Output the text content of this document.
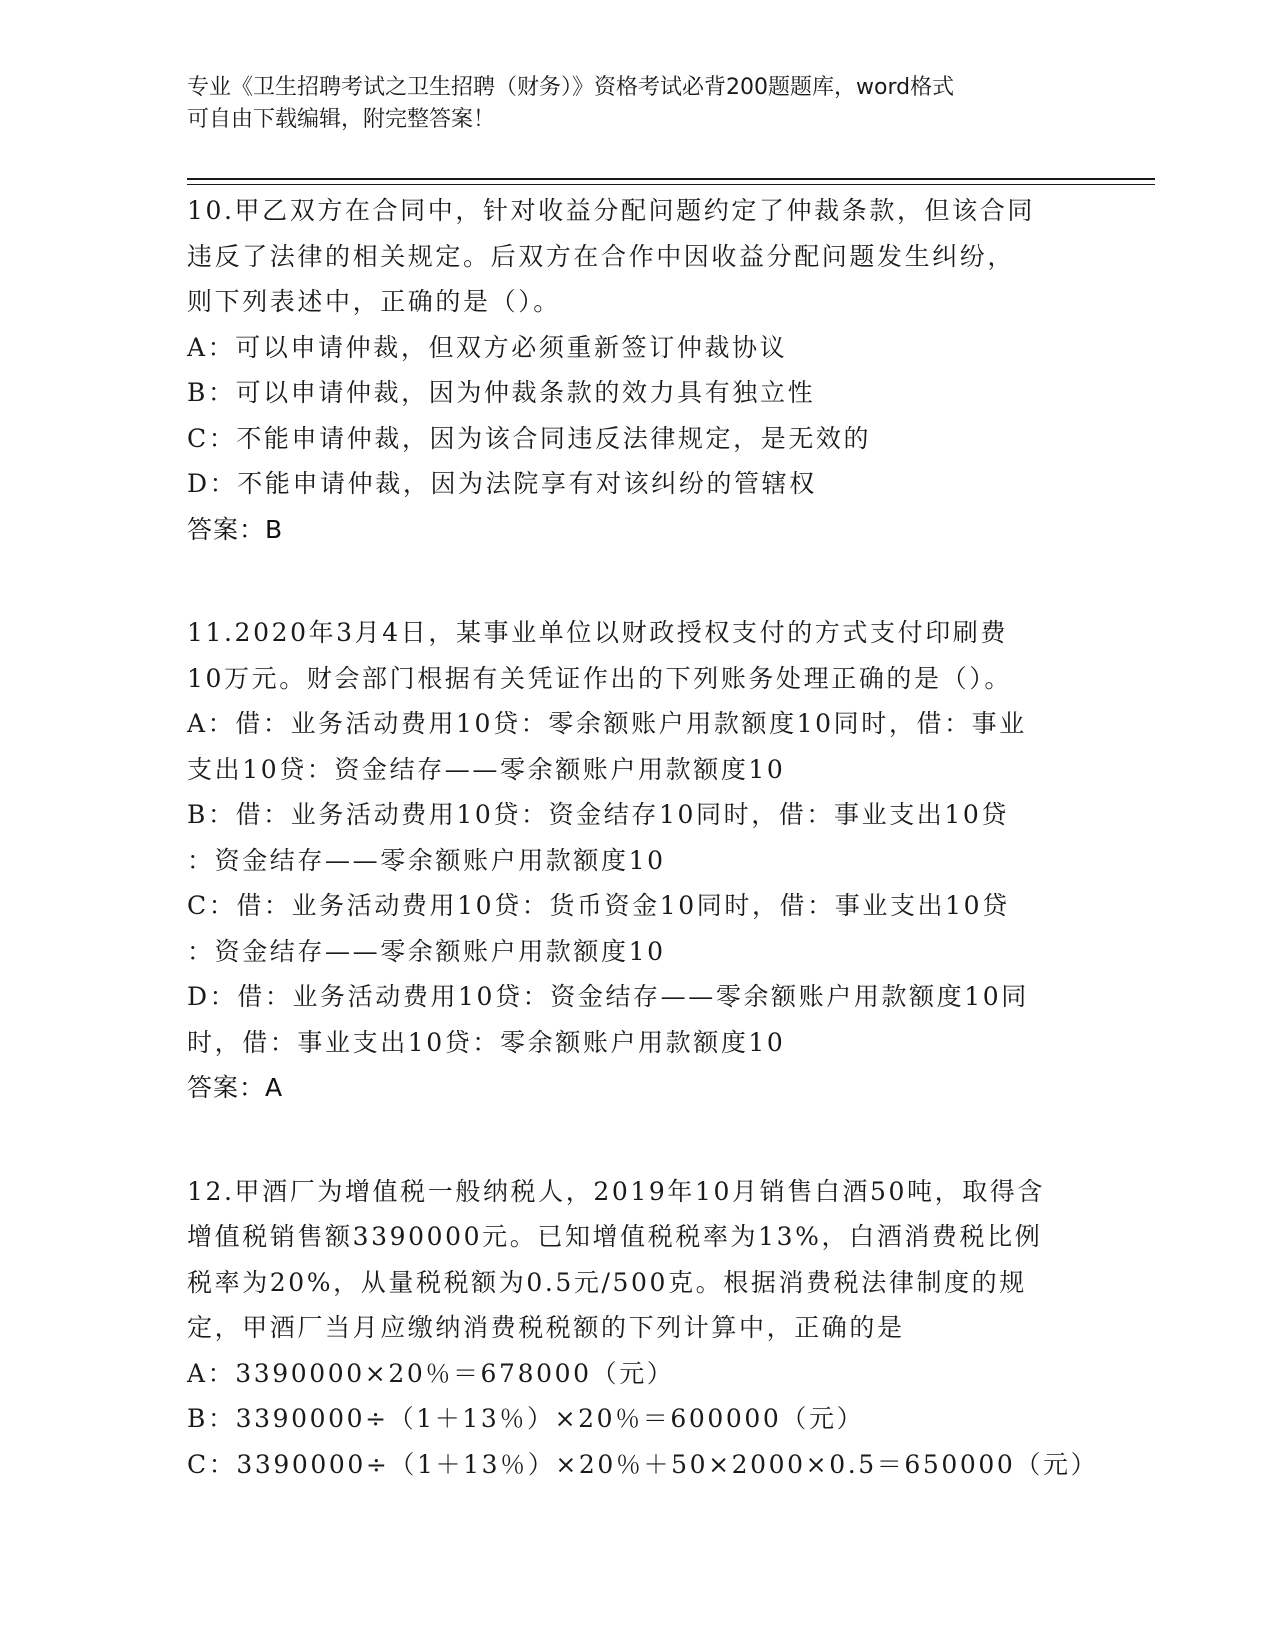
专业《卫生招聘考试之卫生招聘（财务）》资格考试必背200题题库，word格式
可自由下载编辑，附完整答案！
10.甲乙双方在合同中，针对收益分配问题约定了仲裁条款，但该合同
违反了法律的相关规定。后双方在合作中因收益分配问题发生纠纷，
则下列表述中，正确的是（）。
A：可以申请仲裁，但双方必须重新签订仲裁协议
B：可以申请仲裁，因为仲裁条款的效力具有独立性
C：不能申请仲裁，因为该合同违反法律规定，是无效的
D：不能申请仲裁，因为法院享有对该纠纷的管辖权
答案：B
11.2020年3月4日，某事业单位以财政授权支付的方式支付印刷费
10万元。财会部门根据有关凭证作出的下列账务处理正确的是（）。
A：借：业务活动费用10贷：零余额账户用款额度10同时，借：事业
支出10贷：资金结存——零余额账户用款额度10
B：借：业务活动费用10贷：资金结存10同时，借：事业支出10贷
：资金结存——零余额账户用款额度10
C：借：业务活动费用10贷：货币资金10同时，借：事业支出10贷
：资金结存——零余额账户用款额度10
D：借：业务活动费用10贷：资金结存——零余额账户用款额度10同
时，借：事业支出10贷：零余额账户用款额度10
答案：A
12.甲酒厂为增值税一般纳税人，2019年10月销售白酒50吨，取得含
增值税销售额3390000元。已知增值税税率为13%，白酒消费税比例
税率为20%，从量税税额为0.5元/500克。根据消费税法律制度的规
定，甲酒厂当月应缴纳消费税税额的下列计算中，正确的是
A：3390000×20％＝678000（元）
B：3390000÷（1＋13％）×20％＝600000（元）
C：3390000÷（1＋13％）×20％＋50×2000×0.5＝650000（元）
